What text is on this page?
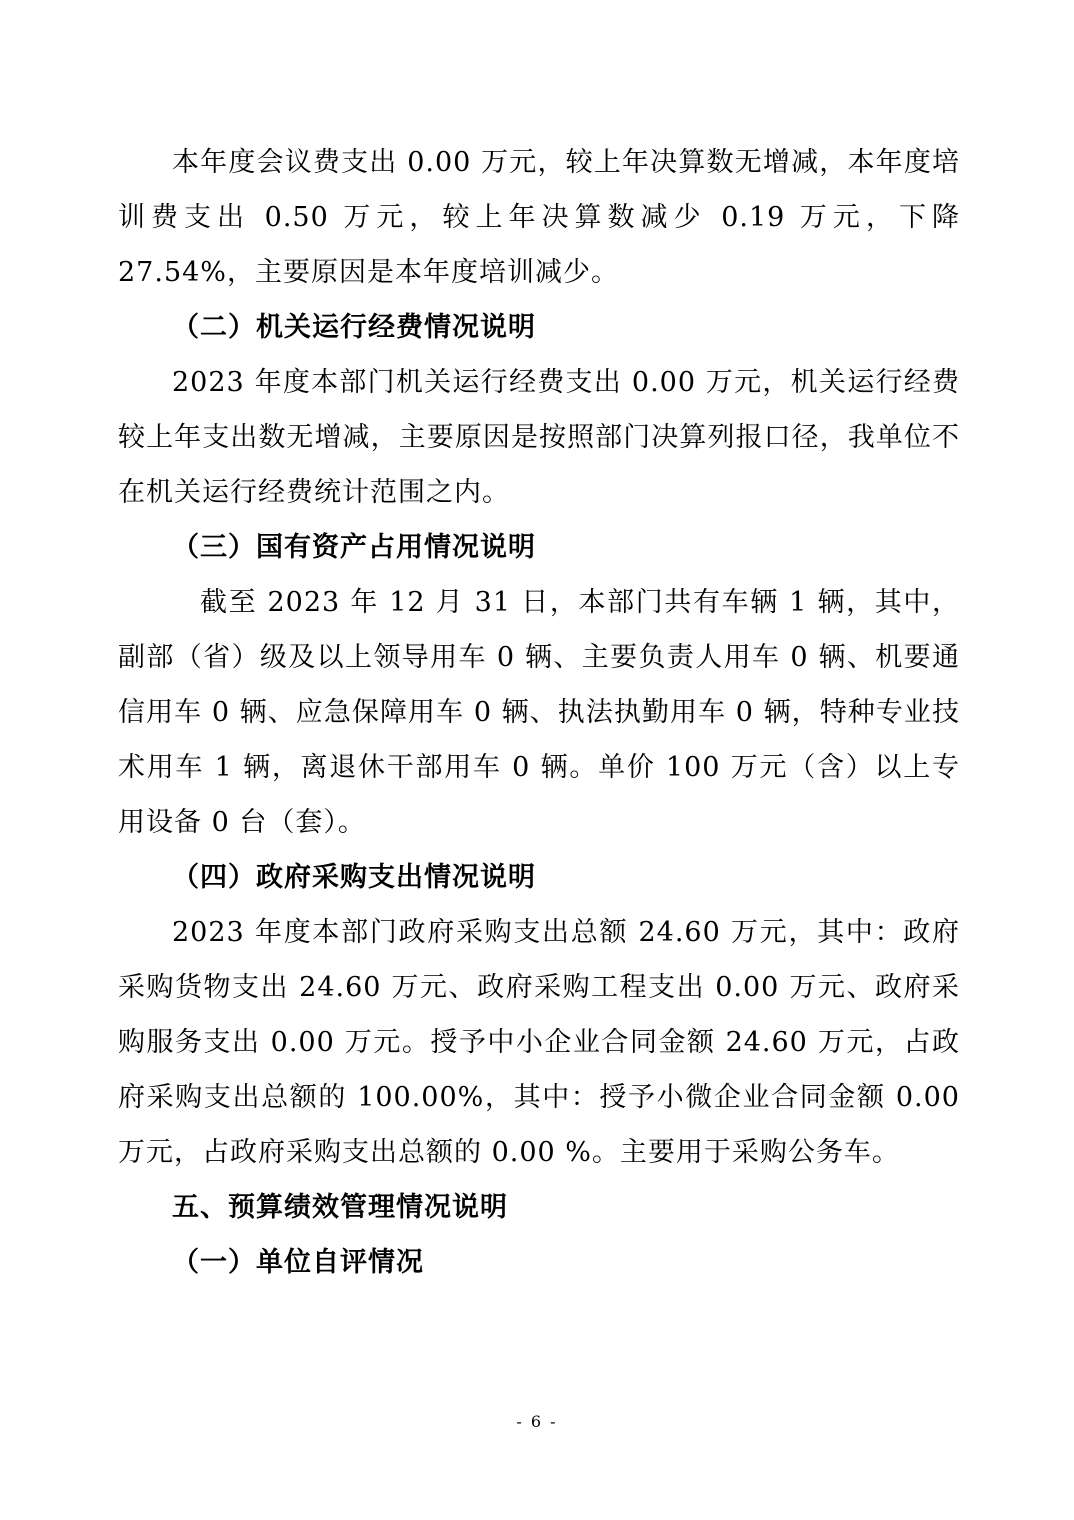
本年度会议费支出 0.00 万元，较上年决算数无增减，本年度培训费支出 0.50 万元，较上年决算数减少 0.19 万元，下降 27.54%，主要原因是本年度培训减少。

（二）机关运行经费情况说明

2023 年度本部门机关运行经费支出 0.00 万元，机关运行经费较上年支出数无增减，主要原因是按照部门决算列报口径，我单位不在机关运行经费统计范围之内。

（三）国有资产占用情况说明

截至 2023 年 12 月 31 日，本部门共有车辆 1 辆，其中，副部（省）级及以上领导用车 0 辆、主要负责人用车 0 辆、机要通信用车 0 辆、应急保障用车 0 辆、执法执勤用车 0 辆，特种专业技术用车 1 辆，离退休干部用车 0 辆。单价 100 万元（含）以上专用设备 0 台（套）。

（四）政府采购支出情况说明

2023 年度本部门政府采购支出总额 24.60 万元，其中：政府采购货物支出 24.60 万元、政府采购工程支出 0.00 万元、政府采购服务支出 0.00 万元。授予中小企业合同金额 24.60 万元，占政府采购支出总额的 100.00%，其中：授予小微企业合同金额 0.00 万元，占政府采购支出总额的 0.00 %。主要用于采购公务车。

五、预算绩效管理情况说明

（一）单位自评情况

- 6 -
